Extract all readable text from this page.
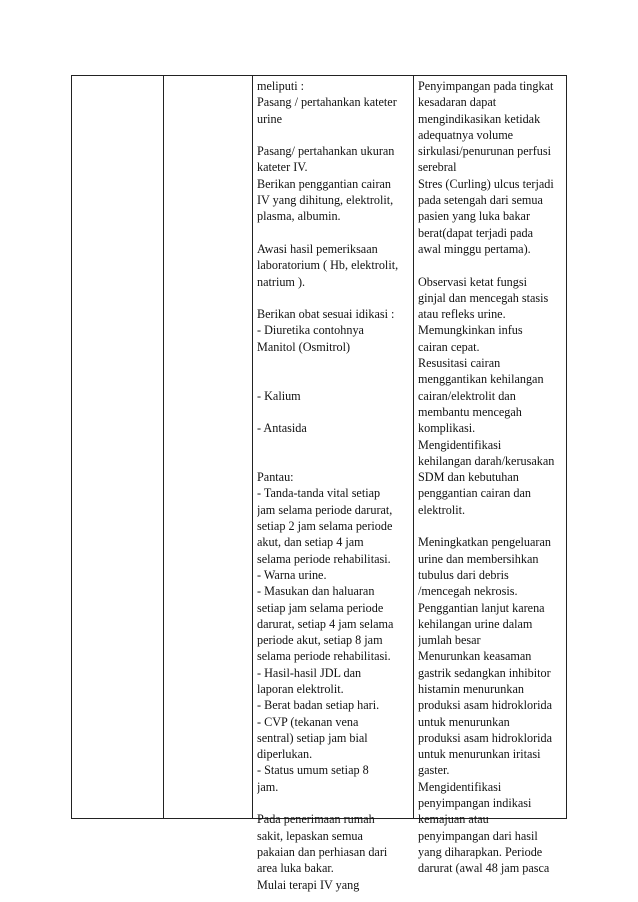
meliputi :
Pasang / pertahankan kateter
urine
Pasang/ pertahankan ukuran
kateter IV.
Berikan penggantian cairan
IV yang dihitung, elektrolit,
plasma, albumin.
Awasi hasil pemeriksaan
laboratorium ( Hb, elektrolit,
natrium ).
Berikan obat sesuai idikasi :
- Diuretika contohnya
Manitol (Osmitrol)
- Kalium
- Antasida
Pantau:
- Tanda-tanda vital setiap
jam selama periode darurat,
setiap 2 jam selama periode
akut, dan setiap 4 jam
selama periode rehabilitasi.
- Warna urine.
- Masukan dan haluaran
setiap jam selama periode
darurat, setiap 4 jam selama
periode akut, setiap 8 jam
selama periode rehabilitasi.
- Hasil-hasil JDL dan
laporan elektrolit.
- Berat badan setiap hari.
- CVP (tekanan vena
sentral) setiap jam bial
diperlukan.
- Status umum setiap 8
jam.
Pada penerimaan rumah
sakit, lepaskan semua
pakaian dan perhiasan dari
area luka bakar.
Mulai terapi IV yang
Penyimpangan pada tingkat
kesadaran dapat
mengindikasikan ketidak
adequatnya volume
sirkulasi/penurunan perfusi
serebral
Stres (Curling) ulcus terjadi
pada setengah dari semua
pasien yang luka bakar
berat(dapat terjadi pada
awal minggu pertama).
Observasi ketat fungsi
ginjal dan mencegah stasis
atau refleks urine.
Memungkinkan infus
cairan cepat.
Resusitasi cairan
menggantikan kehilangan
cairan/elektrolit dan
membantu mencegah
komplikasi.
Mengidentifikasi
kehilangan darah/kerusakan
SDM dan kebutuhan
penggantian cairan dan
elektrolit.
Meningkatkan pengeluaran
urine dan membersihkan
tubulus dari debris
/mencegah nekrosis.
Penggantian lanjut karena
kehilangan urine dalam
jumlah besar
Menurunkan keasaman
gastrik sedangkan inhibitor
histamin menurunkan
produksi asam hidroklorida
untuk menurunkan
produksi asam hidroklorida
untuk menurunkan iritasi
gaster.
Mengidentifikasi
penyimpangan indikasi
kemajuan atau
penyimpangan dari hasil
yang diharapkan. Periode
darurat (awal 48 jam pasca
